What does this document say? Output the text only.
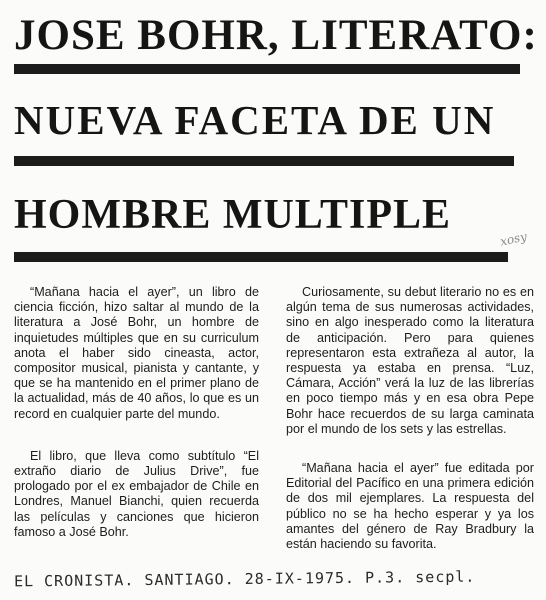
JOSE BOHR, LITERATO:
NUEVA FACETA DE UN
HOMBRE MULTIPLE
xosy

“Mañana hacia el ayer”, un libro de ciencia ficción, hizo saltar al mundo de la literatura a José Bohr, un hombre de inquietudes múltiples que en su curriculum anota el haber sido cineasta, actor, compositor musical, pianista y cantante, y que se ha mantenido en el primer plano de la actualidad, más de 40 años, lo que es un record en cualquier parte del mundo.

El libro, que lleva como subtítulo “El extraño diario de Julius Drive”, fue prologado por el ex embajador de Chile en Londres, Manuel Bianchi, quien recuerda las películas y canciones que hicieron famoso a José Bohr.

Curiosamente, su debut literario no es en algún tema de sus numerosas actividades, sino en algo inesperado como la literatura de anticipación. Pero para quienes representaron esta extrañeza al autor, la respuesta ya estaba en prensa. “Luz, Cámara, Acción” verá la luz de las librerías en poco tiempo más y en esa obra Pepe Bohr hace recuerdos de su larga caminata por el mundo de los sets y las estrellas.

“Mañana hacia el ayer” fue editada por Editorial del Pacífico en una primera edición de dos mil ejemplares. La respuesta del público no se ha hecho esperar y ya los amantes del género de Ray Bradbury la están haciendo su favorita.

EL CRONISTA. SANTIAGO. 28-IX-1975. P.3. secpl.
